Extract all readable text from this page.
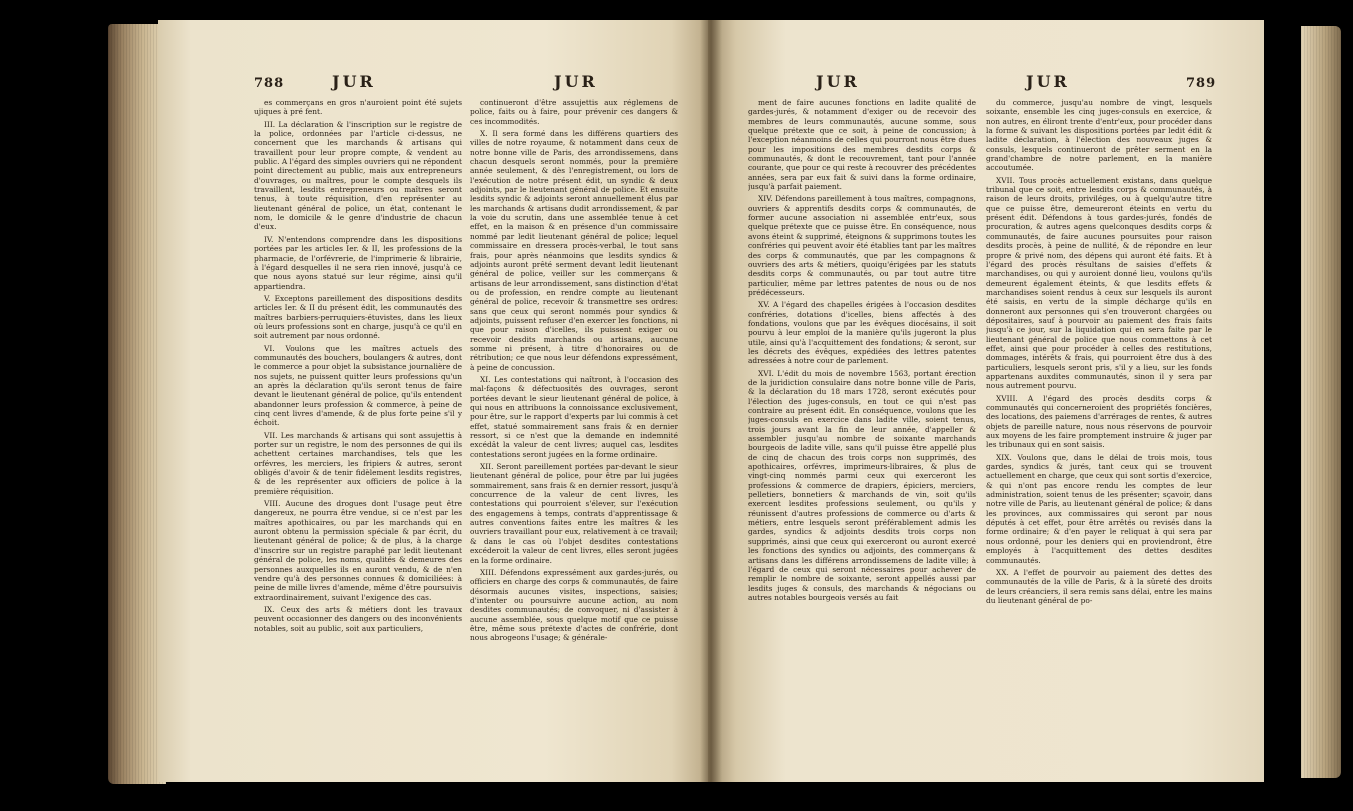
788	JUR	JUR

es commerçans en gros n'auroient point été sujets ujiques à pré fent.

III. La déclaration & l'inscription sur le registre de la police, ordonnées par l'article ci-dessus, ne concernent que les marchands & artisans qui travaillent pour leur propre compte, & vendent au public. A l'égard des simples ouvriers qui ne répondent point directement au public, mais aux entrepreneurs d'ouvrages, ou maîtres, pour le compte desquels ils travaillent, lesdits entrepreneurs ou maîtres seront tenus, à toute réquisition, d'en représenter au lieutenant général de police, un état, contenant le nom, le domicile & le genre d'industrie de chacun d'eux.

IV. N'entendons comprendre dans les dispositions portées par les articles Ier. & II, les professions de la pharmacie, de l'orfévrerie, de l'imprimerie & librairie, à l'égard desquelles il ne sera rien innové, jusqu'à ce que nous ayons statué sur leur régime, ainsi qu'il appartiendra.

V. Exceptons pareillement des dispositions desdits articles Ier. & II du présent édit, les communautés des maîtres barbiers-perruquiers-étuvistes, dans les lieux où leurs professions sont en charge, jusqu'à ce qu'il en soit autrement par nous ordonné.

VI. Voulons que les maîtres actuels des communautés des bouchers, boulangers & autres, dont le commerce a pour objet la subsistance journalière de nos sujets, ne puissent quitter leurs professions qu'un an après la déclaration qu'ils seront tenus de faire devant le lieutenant général de police, qu'ils entendent abandonner leurs profession & commerce, à peine de cinq cent livres d'amende, & de plus forte peine s'il y échoit.

VII. Les marchands & artisans qui sont assujettis à porter sur un registre, le nom des personnes de qui ils achettent certaines marchandises, tels que les orfévres, les merciers, les fripiers & autres, seront obligés d'avoir & de tenir fidèlement lesdits registres, & de les représenter aux officiers de police à la première réquisition.

VIII. Aucune des drogues dont l'usage peut être dangereux, ne pourra être vendue, si ce n'est par les maîtres apothicaires, ou par les marchands qui en auront obtenu la permission spéciale & par écrit, du lieutenant général de police; & de plus, à la charge d'inscrire sur un registre paraphé par ledit lieutenant général de police, les noms, qualités & demeures des personnes auxquelles ils en auront vendu, & de n'en vendre qu'à des personnes connues & domiciliées: à peine de mille livres d'amende, même d'être poursuivis extraordinairement, suivant l'exigence des cas.

IX. Ceux des arts & métiers dont les travaux peuvent occasionner des dangers ou des inconvénients notables, soit au public, soit aux particuliers,

continueront d'être assujettis aux réglemens de police, faits ou à faire, pour prévenir ces dangers & ces incommodités.

X. Il sera formé dans les différens quartiers des villes de notre royaume, & notamment dans ceux de notre bonne ville de Paris, des arrondissemens, dans chacun desquels seront nommés, pour la première année seulement, & dès l'enregistrement, ou lors de l'exécution de notre présent édit, un syndic & deux adjoints, par le lieutenant général de police. Et ensuite lesdits syndic & adjoints seront annuellement élus par les marchands & artisans dudit arrondissement, & par la voie du scrutin, dans une assemblée tenue à cet effet, en la maison & en présence d'un commissaire nommé par ledit lieutenant général de police; lequel commissaire en dressera procès-verbal, le tout sans frais, pour après néanmoins que lesdits syndics & adjoints auront prêté serment devant ledit lieutenant général de police, veiller sur les commerçans & artisans de leur arrondissement, sans distinction d'état ou de profession, en rendre compte au lieutenant général de police, recevoir & transmettre ses ordres: sans que ceux qui seront nommés pour syndics & adjoints, puissent refuser d'en exercer les fonctions, ni que pour raison d'icelles, ils puissent exiger ou recevoir desdits marchands ou artisans, aucune somme ni présent, à titre d'honoraires ou de rétribution; ce que nous leur défendons expressément, à peine de concussion.

XI. Les contestations qui naîtront, à l'occasion des mal-façons & défectuosités des ouvrages, seront portées devant le sieur lieutenant général de police, à qui nous en attribuons la connoissance exclusivement, pour être, sur le rapport d'experts par lui commis à cet effet, statué sommairement sans frais & en dernier ressort, si ce n'est que la demande en indemnité excédât la valeur de cent livres; auquel cas, lesdites contestations seront jugées en la forme ordinaire.

XII. Seront pareillement portées par-devant le sieur lieutenant général de police, pour être par lui jugées sommairement, sans frais & en dernier ressort, jusqu'à concurrence de la valeur de cent livres, les contestations qui pourroient s'élever, sur l'exécution des engagemens à temps, contrats d'apprentissage & autres conventions faites entre les maîtres & les ouvriers travaillant pour eux, relativement à ce travail; & dans le cas où l'objet desdites contestations excéderoit la valeur de cent livres, elles seront jugées en la forme ordinaire.

XIII. Défendons expressément aux gardes-jurés, ou officiers en charge des corps & communautés, de faire désormais aucunes visites, inspections, saisies; d'intenter ou poursuivre aucune action, au nom desdites communautés; de convoquer, ni d'assister à aucune assemblée, sous quelque motif que ce puisse être, même sous prétexte d'actes de confrérie, dont nous abrogeons l'usage; & générale-

JUR	JUR	789

ment de faire aucunes fonctions en ladite qualité de gardes-jurés, & notamment d'exiger ou de recevoir des membres de leurs communautés, aucune somme, sous quelque prétexte que ce soit, à peine de concussion; à l'exception néanmoins de celles qui pourront nous être dues pour les impositions des membres desdits corps & communautés, & dont le recouvrement, tant pour l'année courante, que pour ce qui reste à recouvrer des précédentes années, sera par eux fait & suivi dans la forme ordinaire, jusqu'à parfait paiement.

XIV. Défendons pareillement à tous maîtres, compagnons, ouvriers & apprentifs desdits corps & communautés, de former aucune association ni assemblée entr'eux, sous quelque prétexte que ce puisse être. En conséquence, nous avons éteint & supprimé, éteignons & supprimons toutes les confréries qui peuvent avoir été établies tant par les maîtres des corps & communautés, que par les compagnons & ouvriers des arts & métiers, quoiqu'érigées par les statuts desdits corps & communautés, ou par tout autre titre particulier, même par lettres patentes de nous ou de nos prédécesseurs.

XV. A l'égard des chapelles érigées à l'occasion desdites confréries, dotations d'icelles, biens affectés à des fondations, voulons que par les évêques diocésains, il soit pourvu à leur emploi de la manière qu'ils jugeront la plus utile, ainsi qu'à l'acquittement des fondations; & seront, sur les décrets des évêques, expédiées des lettres patentes adressées à notre cour de parlement.

XVI. L'édit du mois de novembre 1563, portant érection de la juridiction consulaire dans notre bonne ville de Paris, & la déclaration du 18 mars 1728, seront exécutés pour l'élection des juges-consuls, en tout ce qui n'est pas contraire au présent édit. En conséquence, voulons que les juges-consuls en exercice dans ladite ville, soient tenus, trois jours avant la fin de leur année, d'appeller & assembler jusqu'au nombre de soixante marchands bourgeois de ladite ville, sans qu'il puisse être appellé plus de cinq de chacun des trois corps non supprimés, des apothicaires, orfévres, imprimeurs-libraires, & plus de vingt-cinq nommés parmi ceux qui exerceront les professions & commerce de drapiers, épiciers, merciers, pelletiers, bonnetiers & marchands de vin, soit qu'ils exercent lesdites professions seulement, ou qu'ils y réunissent d'autres professions de commerce ou d'arts & métiers, entre lesquels seront préférablement admis les gardes, syndics & adjoints desdits trois corps non supprimés, ainsi que ceux qui exerceront ou auront exercé les fonctions des syndics ou adjoints, des commerçans & artisans dans les différens arrondissemens de ladite ville; à l'égard de ceux qui seront nécessaires pour achever de remplir le nombre de soixante, seront appellés aussi par lesdits juges & consuls, des marchands & négocians ou autres notables bourgeois versés au fait

du commerce, jusqu'au nombre de vingt, lesquels soixante, ensemble les cinq juges-consuls en exercice, & non autres, en éliront trente d'entr'eux, pour procéder dans la forme & suivant les dispositions portées par ledit édit & ladite déclaration, à l'élection des nouveaux juges & consuls, lesquels continueront de prêter serment en la grand'chambre de notre parlement, en la manière accoutumée.

XVII. Tous procès actuellement existans, dans quelque tribunal que ce soit, entre lesdits corps & communautés, à raison de leurs droits, priviléges, ou à quelqu'autre titre que ce puisse être, demeureront éteints en vertu du présent édit. Défendons à tous gardes-jurés, fondés de procuration, & autres agens quelconques desdits corps & communautés, de faire aucunes poursuites pour raison desdits procès, à peine de nullité, & de répondre en leur propre & privé nom, des dépens qui auront été faits. Et à l'égard des procès résultans de saisies d'effets & marchandises, ou qui y auroient donné lieu, voulons qu'ils demeurent également éteints, & que lesdits effets & marchandises soient rendus à ceux sur lesquels ils auront été saisis, en vertu de la simple décharge qu'ils en donneront aux personnes qui s'en trouveront chargées ou dépositaires, sauf à pourvoir au paiement des frais faits jusqu'à ce jour, sur la liquidation qui en sera faite par le lieutenant général de police que nous commettons à cet effet, ainsi que pour procéder à celles des restitutions, dommages, intérêts & frais, qui pourroient être dus à des particuliers, lesquels seront pris, s'il y a lieu, sur les fonds appartenans auxdites communautés, sinon il y sera par nous autrement pourvu.

XVIII. A l'égard des procès desdits corps & communautés qui concerneroient des propriétés foncières, des locations, des paiemens d'arrérages de rentes, & autres objets de pareille nature, nous nous réservons de pourvoir aux moyens de les faire promptement instruire & juger par les tribunaux qui en sont saisis.

XIX. Voulons que, dans le délai de trois mois, tous gardes, syndics & jurés, tant ceux qui se trouvent actuellement en charge, que ceux qui sont sortis d'exercice, & qui n'ont pas encore rendu les comptes de leur administration, soient tenus de les présenter; sçavoir, dans notre ville de Paris, au lieutenant général de police; & dans les provinces, aux commissaires qui seront par nous députés à cet effet, pour être arrêtés ou revisés dans la forme ordinaire; & d'en payer le reliquat à qui sera par nous ordonné, pour les deniers qui en proviendront, être employés à l'acquittement des dettes desdites communautés.

XX. A l'effet de pourvoir au paiement des dettes des communautés de la ville de Paris, & à la sûreté des droits de leurs créanciers, il sera remis sans délai, entre les mains du lieutenant général de po-
